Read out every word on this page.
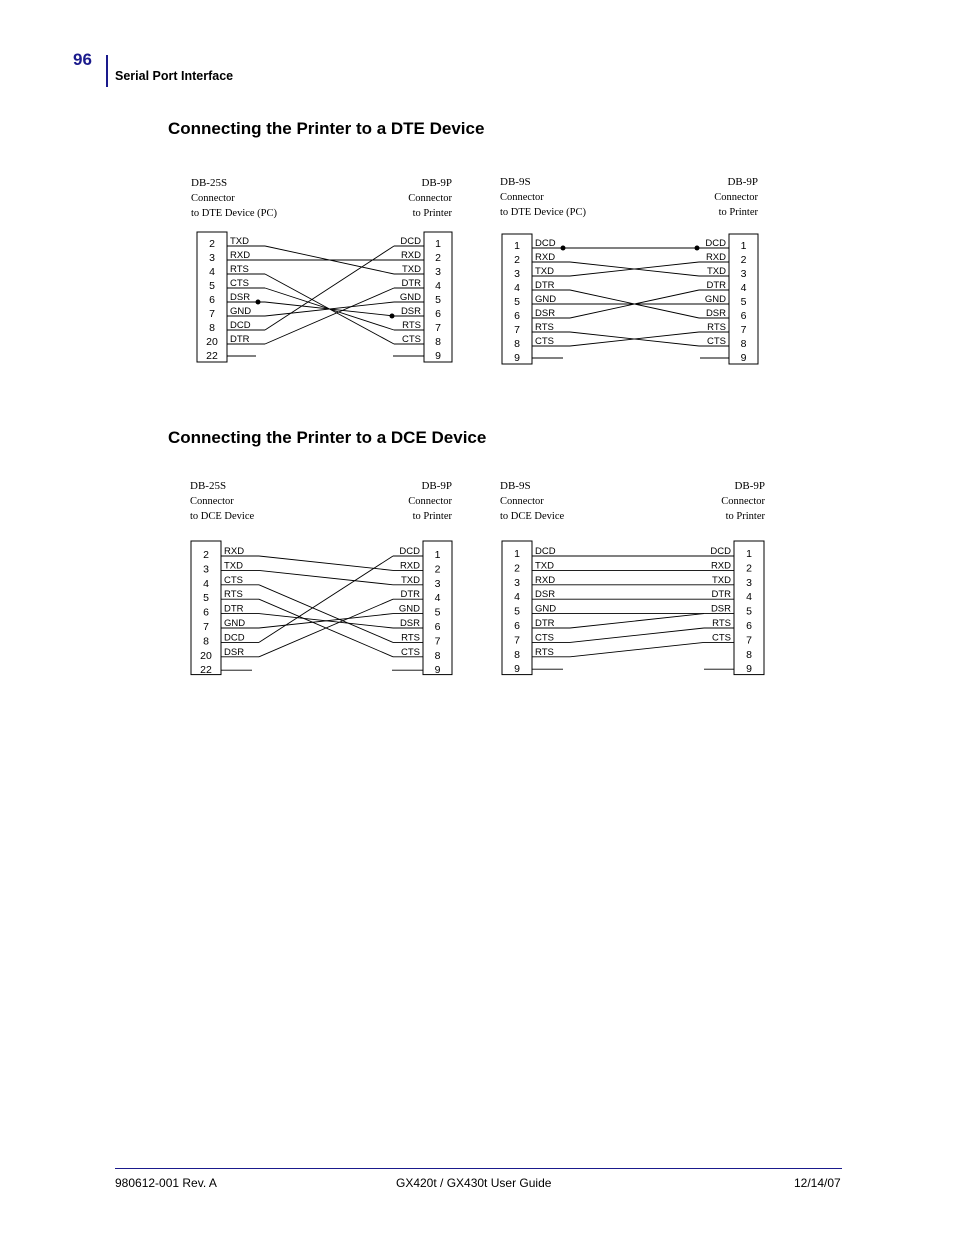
96
Serial Port Interface
Connecting the Printer to a DTE Device
Connecting the Printer to a DCE Device
DB-25S
Connector
to DTE Device (PC)
DB-9P
Connector
to Printer
2
3
4
5
6
7
8
20
22
1
2
3
4
5
6
7
8
9
TXD
RXD
RTS
CTS
DSR
GND
DCD
DTR
DCD
RXD
TXD
DTR
GND
DSR
RTS
CTS
DB-9S
Connector
to DTE Device (PC)
DB-9P
Connector
to Printer
1
2
3
4
5
6
7
8
9
1
2
3
4
5
6
7
8
9
DCD
RXD
TXD
DTR
GND
DSR
RTS
CTS
DCD
RXD
TXD
DTR
GND
DSR
RTS
CTS
DB-25S
Connector
to DCE Device
DB-9P
Connector
to Printer
2
3
4
5
6
7
8
20
22
1
2
3
4
5
6
7
8
9
RXD
TXD
CTS
RTS
DTR
GND
DCD
DSR
DCD
RXD
TXD
DTR
GND
DSR
RTS
CTS
DB-9S
Connector
to DCE Device
DB-9P
Connector
to Printer
1
2
3
4
5
6
7
8
9
1
2
3
4
5
6
7
8
9
DCD
TXD
RXD
DSR
GND
DTR
CTS
RTS
DCD
RXD
TXD
DTR
DSR
RTS
CTS
980612-001 Rev. A	GX420t / GX430t User Guide	12/14/07
